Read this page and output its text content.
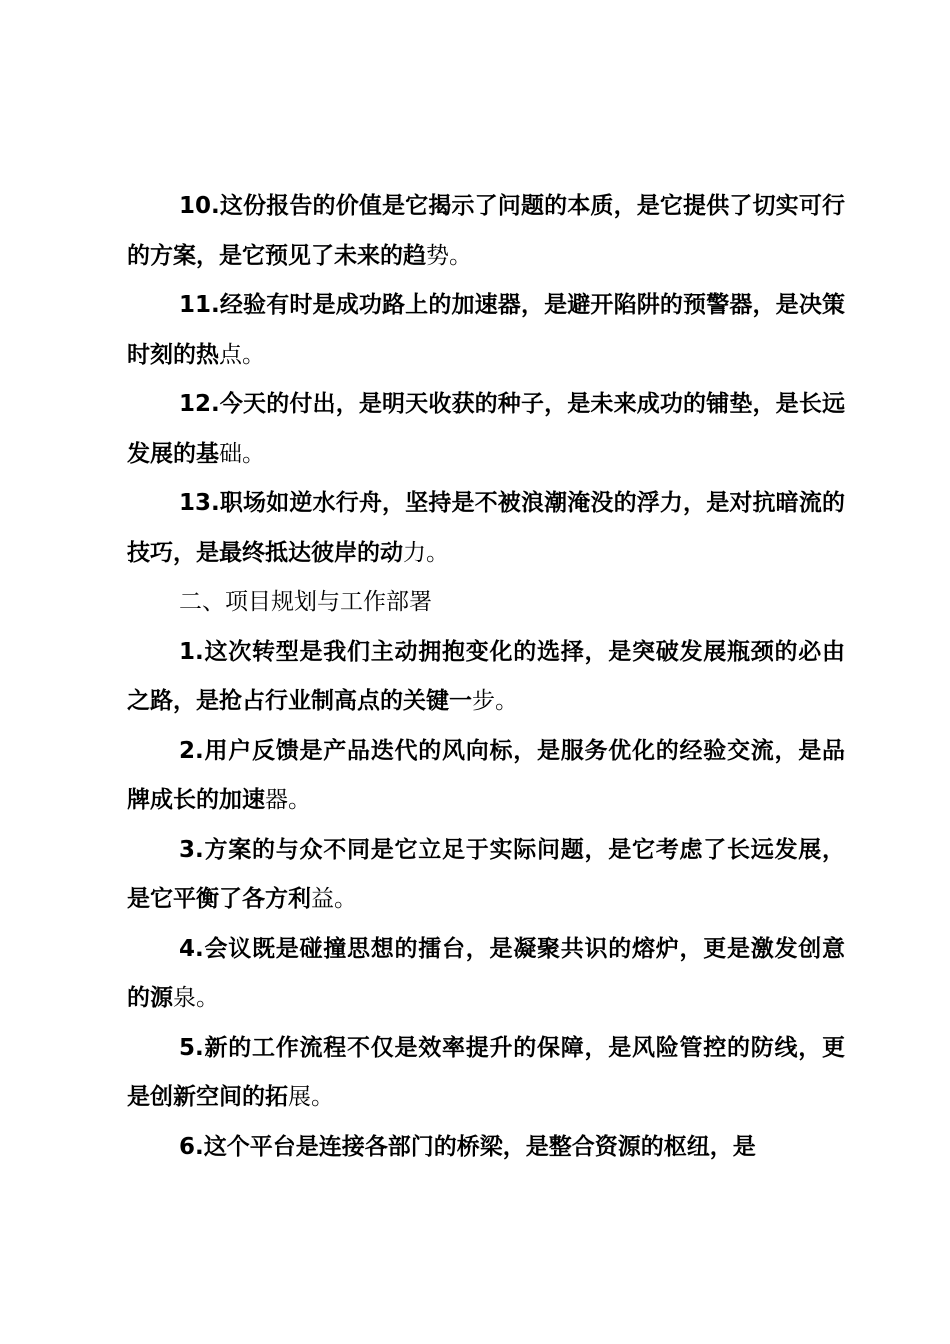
10.这份报告的价值是它揭示了问题的本质，是它提供了切实可行的方案，是它预见了未来的趋势。

11.经验有时是成功路上的加速器，是避开陷阱的预警器，是决策时刻的热点。

12.今天的付出，是明天收获的种子，是未来成功的铺垫，是长远发展的基础。

13.职场如逆水行舟，坚持是不被浪潮淹没的浮力，是对抗暗流的技巧，是最终抵达彼岸的动力。

二、项目规划与工作部署

1.这次转型是我们主动拥抱变化的选择，是突破发展瓶颈的必由之路，是抢占行业制高点的关键一步。

2.用户反馈是产品迭代的风向标，是服务优化的经验交流，是品牌成长的加速器。

3.方案的与众不同是它立足于实际问题，是它考虑了长远发展，是它平衡了各方利益。

4.会议既是碰撞思想的擂台，是凝聚共识的熔炉，更是激发创意的源泉。

5.新的工作流程不仅是效率提升的保障，是风险管控的防线，更是创新空间的拓展。

6.这个平台是连接各部门的桥梁，是整合资源的枢纽，是
